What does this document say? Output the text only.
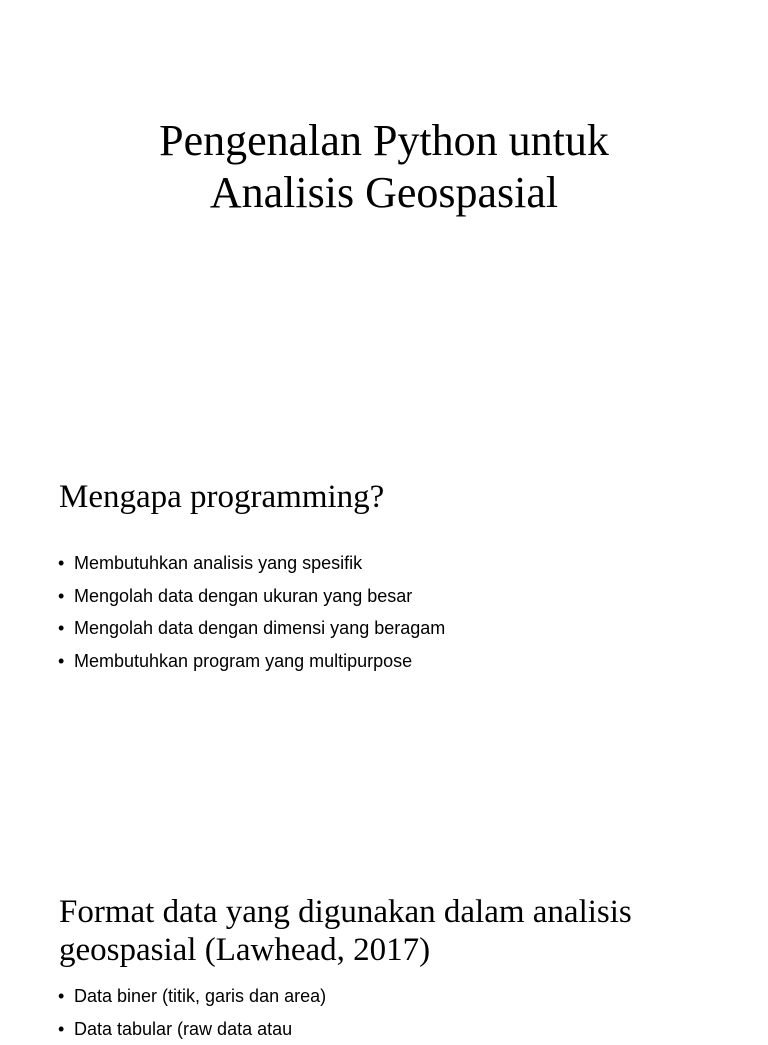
Pengenalan Python untuk
Analisis Geospasial
Mengapa programming?
• Membutuhkan analisis yang spesifik
• Mengolah data dengan ukuran yang besar
• Mengolah data dengan dimensi yang beragam
• Membutuhkan program yang multipurpose
Format data yang digunakan dalam analisis
geospasial (Lawhead, 2017)
• Data biner (titik, garis dan area)
• Data tabular (raw data atau
